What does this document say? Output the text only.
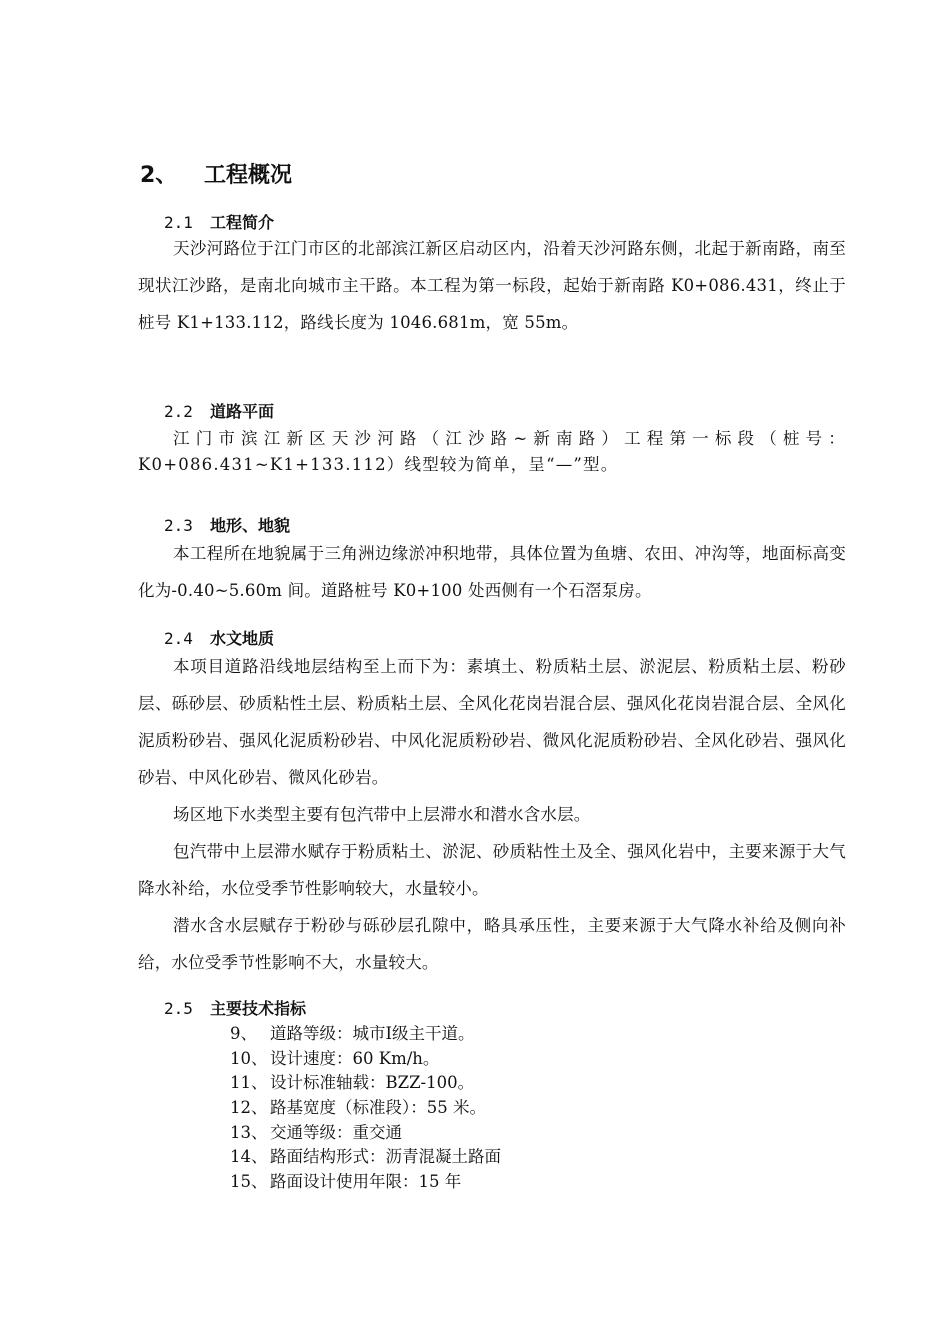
2、 工程概况
2.1 工程简介

天沙河路位于江门市区的北部滨江新区启动区内，沿着天沙河路东侧，北起于新南路，南至现状江沙路，是南北向城市主干路。本工程为第一标段，起始于新南路 K0+086.431，终止于桩号 K1+133.112，路线长度为 1046.681m，宽 55m。

2.2 道路平面

江门市滨江新区天沙河路（江沙路~新南路）工程第一标段（桩号：K0+086.431~K1+133.112）线型较为简单，呈“—”型。

2.3 地形、地貌

本工程所在地貌属于三角洲边缘淤冲积地带，具体位置为鱼塘、农田、冲沟等，地面标高变化为-0.40~5.60m 间。道路桩号 K0+100 处西侧有一个石滘泵房。

2.4 水文地质

本项目道路沿线地层结构至上而下为：素填土、粉质粘土层、淤泥层、粉质粘土层、粉砂层、砾砂层、砂质粘性土层、粉质粘土层、全风化花岗岩混合层、强风化花岗岩混合层、全风化泥质粉砂岩、强风化泥质粉砂岩、中风化泥质粉砂岩、微风化泥质粉砂岩、全风化砂岩、强风化砂岩、中风化砂岩、微风化砂岩。

场区地下水类型主要有包汽带中上层滞水和潜水含水层。

包汽带中上层滞水赋存于粉质粘土、淤泥、砂质粘性土及全、强风化岩中，主要来源于大气降水补给，水位受季节性影响较大，水量较小。

潜水含水层赋存于粉砂与砾砂层孔隙中，略具承压性，主要来源于大气降水补给及侧向补给，水位受季节性影响不大，水量较大。

2.5 主要技术指标
9、 道路等级：城市Ⅰ级主干道。
10、 设计速度：60 Km/h。
11、 设计标准轴载：BZZ-100。
12、 路基宽度（标准段）：55 米。
13、 交通等级：重交通
14、 路面结构形式：沥青混凝土路面
15、 路面设计使用年限：15 年
